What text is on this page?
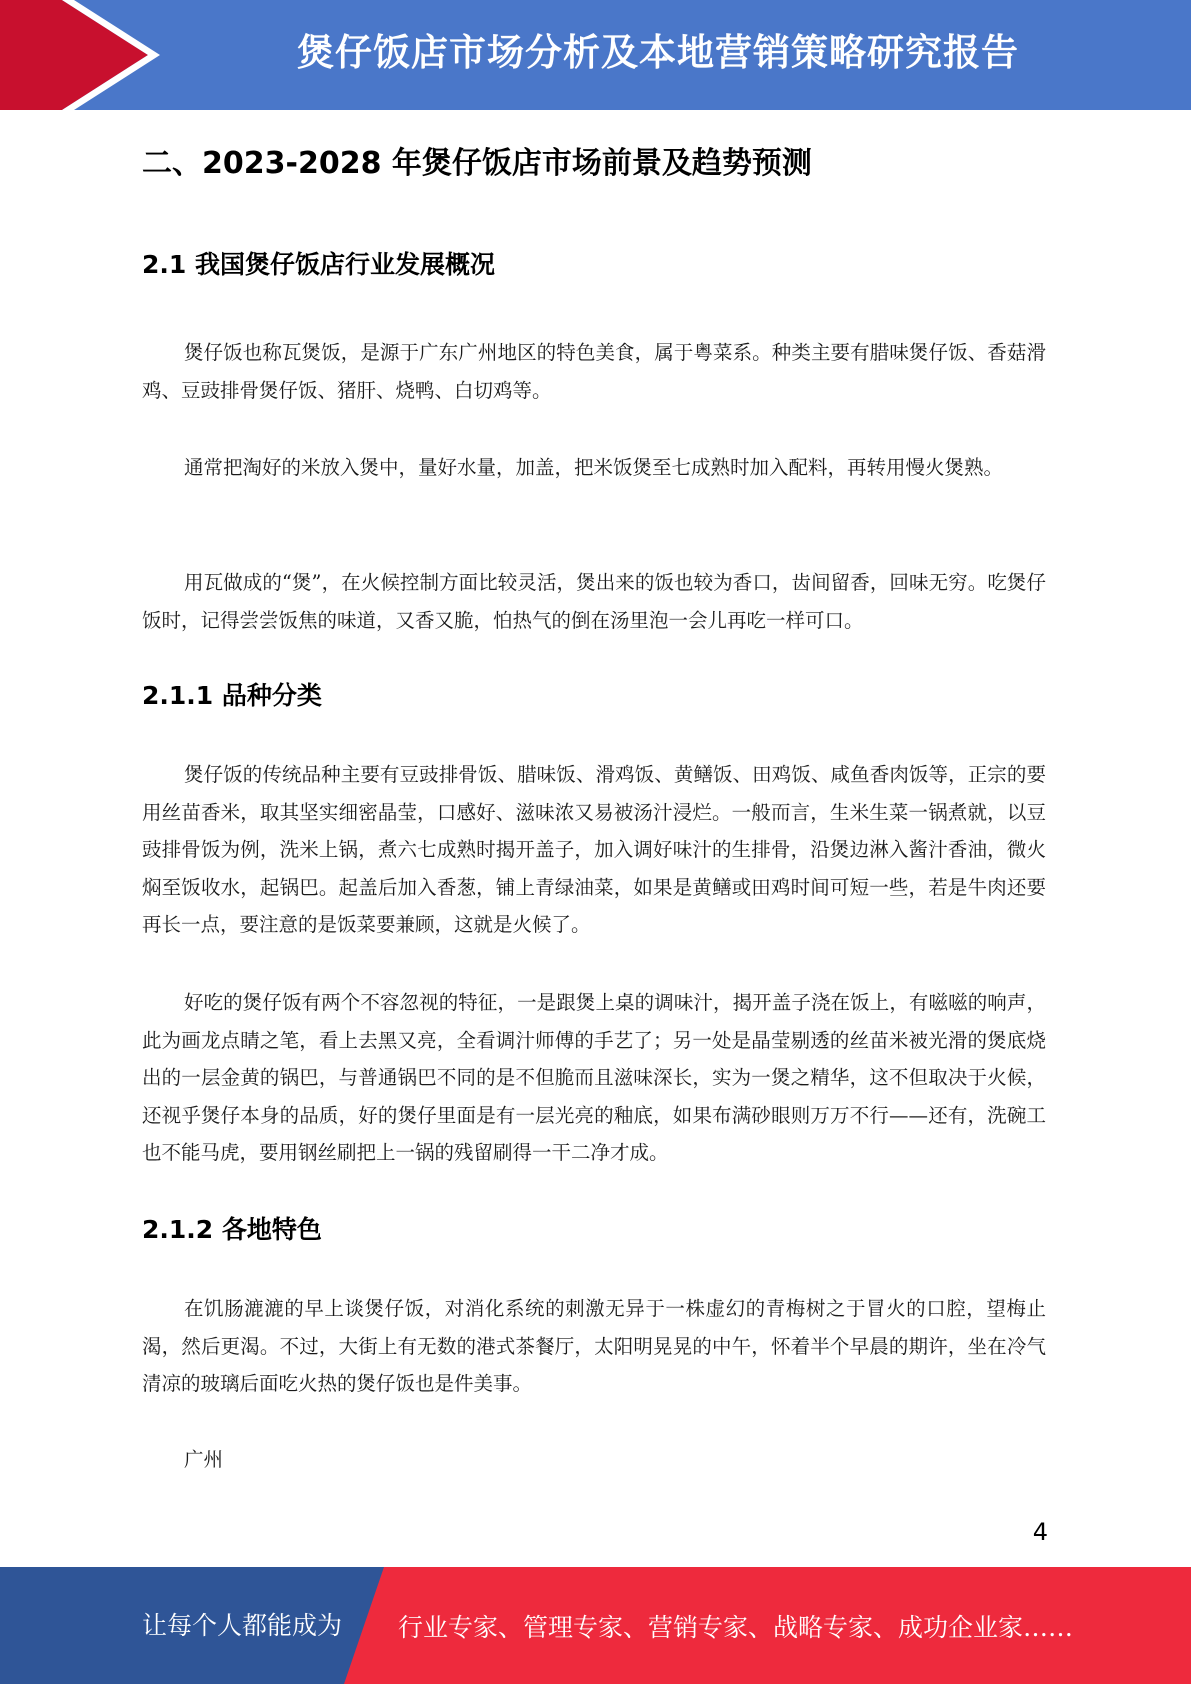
煲仔饭店市场分析及本地营销策略研究报告
二、2023-2028 年煲仔饭店市场前景及趋势预测
2.1 我国煲仔饭店行业发展概况

煲仔饭也称瓦煲饭，是源于广东广州地区的特色美食，属于粤菜系。种类主要有腊味煲仔饭、香菇滑鸡、豆豉排骨煲仔饭、猪肝、烧鸭、白切鸡等。

通常把淘好的米放入煲中，量好水量，加盖，把米饭煲至七成熟时加入配料，再转用慢火煲熟。

用瓦做成的“煲”，在火候控制方面比较灵活，煲出来的饭也较为香口，齿间留香，回味无穷。吃煲仔饭时，记得尝尝饭焦的味道，又香又脆，怕热气的倒在汤里泡一会儿再吃一样可口。

2.1.1 品种分类

煲仔饭的传统品种主要有豆豉排骨饭、腊味饭、滑鸡饭、黄鳝饭、田鸡饭、咸鱼香肉饭等，正宗的要用丝苗香米，取其坚实细密晶莹，口感好、滋味浓又易被汤汁浸烂。一般而言，生米生菜一锅煮就，以豆豉排骨饭为例，洗米上锅，煮六七成熟时揭开盖子，加入调好味汁的生排骨，沿煲边淋入酱汁香油，微火焖至饭收水，起锅巴。起盖后加入香葱，铺上青绿油菜，如果是黄鳝或田鸡时间可短一些，若是牛肉还要再长一点，要注意的是饭菜要兼顾，这就是火候了。

好吃的煲仔饭有两个不容忽视的特征，一是跟煲上桌的调味汁，揭开盖子浇在饭上，有嗞嗞的响声，此为画龙点睛之笔，看上去黑又亮，全看调汁师傅的手艺了；另一处是晶莹剔透的丝苗米被光滑的煲底烧出的一层金黄的锅巴，与普通锅巴不同的是不但脆而且滋味深长，实为一煲之精华，这不但取决于火候，还视乎煲仔本身的品质，好的煲仔里面是有一层光亮的釉底，如果布满砂眼则万万不行——还有，洗碗工也不能马虎，要用钢丝刷把上一锅的残留刷得一干二净才成。

2.1.2 各地特色

在饥肠漉漉的早上谈煲仔饭，对消化系统的刺激无异于一株虚幻的青梅树之于冒火的口腔，望梅止渴，然后更渴。不过，大街上有无数的港式茶餐厅，太阳明晃晃的中午，怀着半个早晨的期许，坐在冷气清凉的玻璃后面吃火热的煲仔饭也是件美事。

广州

4
让每个人都能成为 行业专家、管理专家、营销专家、战略专家、成功企业家……
